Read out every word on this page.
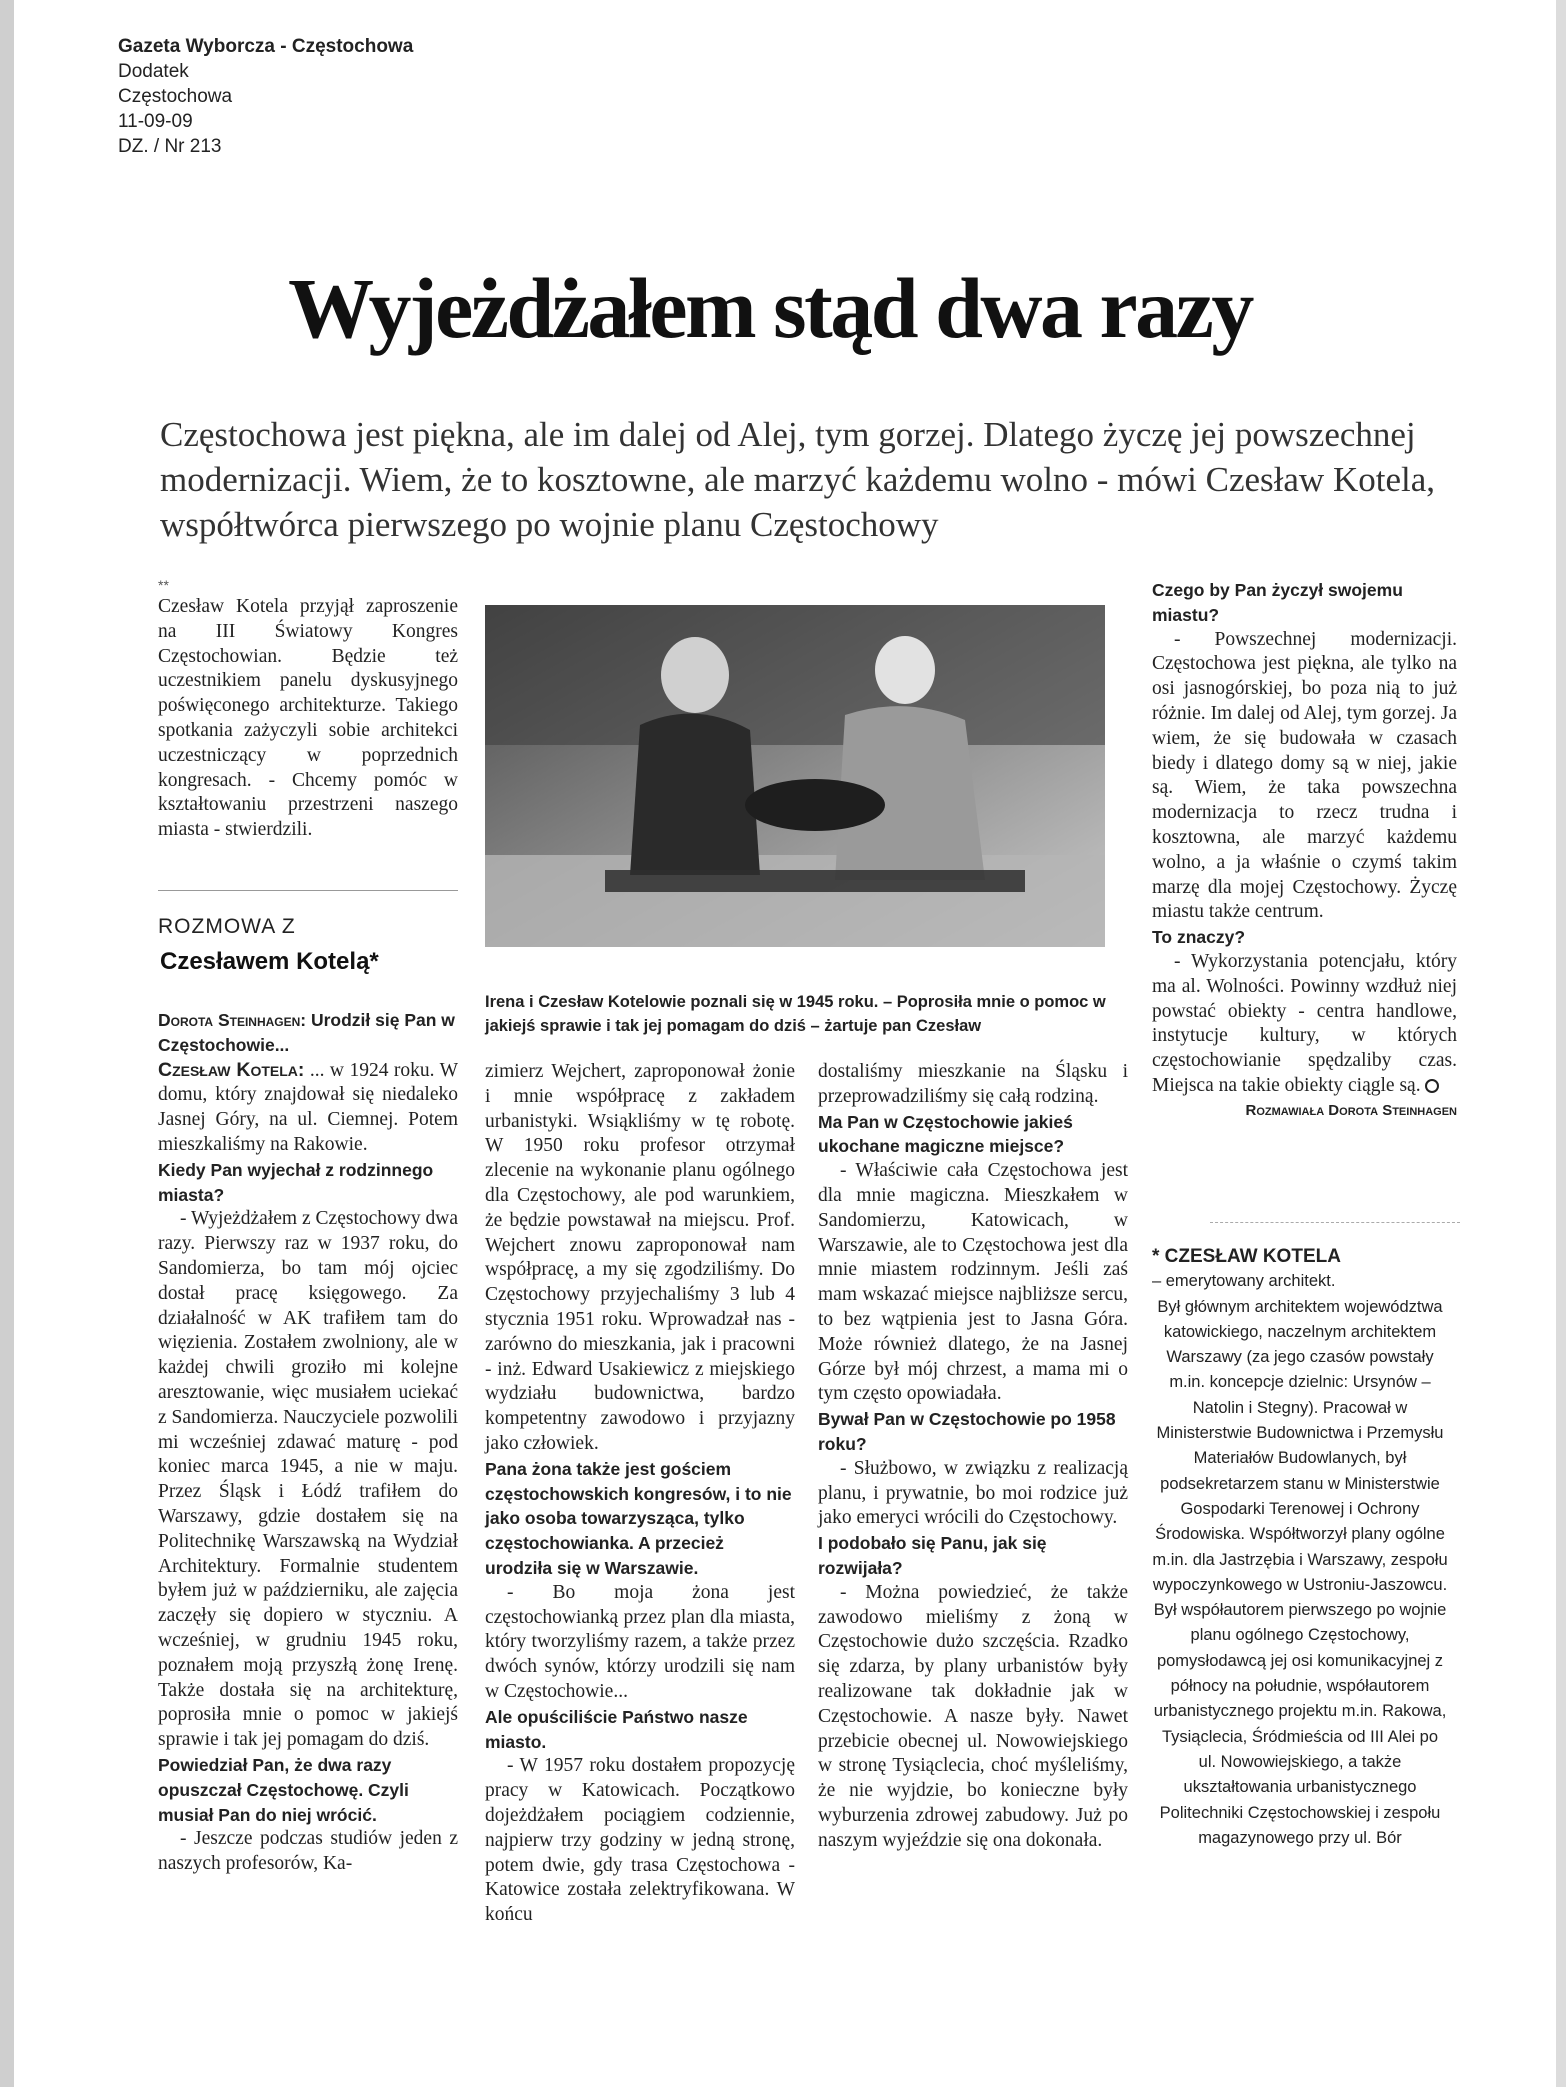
Gazeta Wyborcza - Częstochowa
Dodatek
Częstochowa
11-09-09
DZ. / Nr 213
Wyjeżdżałem stąd dwa razy

Częstochowa jest piękna, ale im dalej od Alej, tym gorzej. Dlatego życzę jej powszechnej modernizacji. Wiem, że to kosztowne, ale marzyć każdemu wolno - mówi Czesław Kotela, współtwórca pierwszego po wojnie planu Częstochowy

**

Czesław Kotela przyjął zaproszenie na III Światowy Kongres Częstochowian. Będzie też uczestnikiem panelu dyskusyjnego poświęconego architekturze. Takiego spotkania zażyczyli sobie architekci uczestniczący w poprzednich kongresach. - Chcemy pomóc w kształtowaniu przestrzeni naszego miasta - stwierdzili.

ROZMOWA Z
Czesławem Kotelą*

Irena i Czesław Kotelowie poznali się w 1945 roku. – Poprosiła mnie o pomoc w jakiejś sprawie i tak jej pomagam do dziś – żartuje pan Czesław

Dorota Steinhagen: Urodził się Pan w Częstochowie...

Czesław Kotela: ... w 1924 roku. W domu, który znajdował się niedaleko Jasnej Góry, na ul. Ciemnej. Potem mieszkaliśmy na Rakowie.

Kiedy Pan wyjechał z rodzinnego miasta?

- Wyjeżdżałem z Częstochowy dwa razy. Pierwszy raz w 1937 roku, do Sandomierza, bo tam mój ojciec dostał pracę księgowego. Za działalność w AK trafiłem tam do więzienia. Zostałem zwolniony, ale w każdej chwili groziło mi kolejne aresztowanie, więc musiałem uciekać z Sandomierza. Nauczyciele pozwolili mi wcześniej zdawać maturę - pod koniec marca 1945, a nie w maju. Przez Śląsk i Łódź trafiłem do Warszawy, gdzie dostałem się na Politechnikę Warszawską na Wydział Architektury. Formalnie studentem byłem już w październiku, ale zajęcia zaczęły się dopiero w styczniu. A wcześniej, w grudniu 1945 roku, poznałem moją przyszłą żonę Irenę. Także dostała się na architekturę, poprosiła mnie o pomoc w jakiejś sprawie i tak jej pomagam do dziś.

Powiedział Pan, że dwa razy opuszczał Częstochowę. Czyli musiał Pan do niej wrócić.

- Jeszcze podczas studiów jeden z naszych profesorów, Ka-

zimierz Wejchert, zaproponował żonie i mnie współpracę z zakładem urbanistyki. Wsiąkliśmy w tę robotę. W 1950 roku profesor otrzymał zlecenie na wykonanie planu ogólnego dla Częstochowy, ale pod warunkiem, że będzie powstawał na miejscu. Prof. Wejchert znowu zaproponował nam współpracę, a my się zgodziliśmy. Do Częstochowy przyjechaliśmy 3 lub 4 stycznia 1951 roku. Wprowadzał nas - zarówno do mieszkania, jak i pracowni - inż. Edward Usakiewicz z miejskiego wydziału budownictwa, bardzo kompetentny zawodowo i przyjazny jako człowiek.

Pana żona także jest gościem częstochowskich kongresów, i to nie jako osoba towarzysząca, tylko częstochowianka. A przecież urodziła się w Warszawie.

- Bo moja żona jest częstochowianką przez plan dla miasta, który tworzyliśmy razem, a także przez dwóch synów, którzy urodzili się nam w Częstochowie...

Ale opuściliście Państwo nasze miasto.

- W 1957 roku dostałem propozycję pracy w Katowicach. Początkowo dojeżdżałem pociągiem codziennie, najpierw trzy godziny w jedną stronę, potem dwie, gdy trasa Częstochowa - Katowice została zelektryfikowana. W końcu

dostaliśmy mieszkanie na Śląsku i przeprowadziliśmy się całą rodziną.

Ma Pan w Częstochowie jakieś ukochane magiczne miejsce?

- Właściwie cała Częstochowa jest dla mnie magiczna. Mieszkałem w Sandomierzu, Katowicach, w Warszawie, ale to Częstochowa jest dla mnie miastem rodzinnym. Jeśli zaś mam wskazać miejsce najbliższe sercu, to bez wątpienia jest to Jasna Góra. Może również dlatego, że na Jasnej Górze był mój chrzest, a mama mi o tym często opowiadała.

Bywał Pan w Częstochowie po 1958 roku?

- Służbowo, w związku z realizacją planu, i prywatnie, bo moi rodzice już jako emeryci wrócili do Częstochowy.

I podobało się Panu, jak się rozwijała?

- Można powiedzieć, że także zawodowo mieliśmy z żoną w Częstochowie dużo szczęścia. Rzadko się zdarza, by plany urbanistów były realizowane tak dokładnie jak w Częstochowie. A nasze były. Nawet przebicie obecnej ul. Nowowiejskiego w stronę Tysiąclecia, choć myśleliśmy, że nie wyjdzie, bo konieczne były wyburzenia zdrowej zabudowy. Już po naszym wyjeździe się ona dokonała.

Czego by Pan życzył swojemu miastu?

- Powszechnej modernizacji. Częstochowa jest piękna, ale tylko na osi jasnogórskiej, bo poza nią to już różnie. Im dalej od Alej, tym gorzej. Ja wiem, że się budowała w czasach biedy i dlatego domy są w niej, jakie są. Wiem, że taka powszechna modernizacja to rzecz trudna i kosztowna, ale marzyć każdemu wolno, a ja właśnie o czymś takim marzę dla mojej Częstochowy. Życzę miastu także centrum.

To znaczy?

- Wykorzystania potencjału, który ma al. Wolności. Powinny wzdłuż niej powstać obiekty - centra handlowe, instytucje kultury, w których częstochowianie spędzaliby czas. Miejsca na takie obiekty ciągle są.

Rozmawiała Dorota Steinhagen

* CZESŁAW KOTELA
– emerytowany architekt.
Był głównym architektem województwa katowickiego, naczelnym architektem Warszawy (za jego czasów powstały m.in. koncepcje dzielnic: Ursynów – Natolin i Stegny). Pracował w Ministerstwie Budownictwa i Przemysłu Materiałów Budowlanych, był podsekretarzem stanu w Ministerstwie Gospodarki Terenowej i Ochrony Środowiska. Współtworzył plany ogólne m.in. dla Jastrzębia i Warszawy, zespołu wypoczynkowego w Ustroniu-Jaszowcu. Był współautorem pierwszego po wojnie planu ogólnego Częstochowy, pomysłodawcą jej osi komunikacyjnej z północy na południe, współautorem urbanistycznego projektu m.in. Rakowa, Tysiąclecia, Śródmieścia od III Alei po ul. Nowowiejskiego, a także ukształtowania urbanistycznego Politechniki Częstochowskiej i zespołu magazynowego przy ul. Bór
